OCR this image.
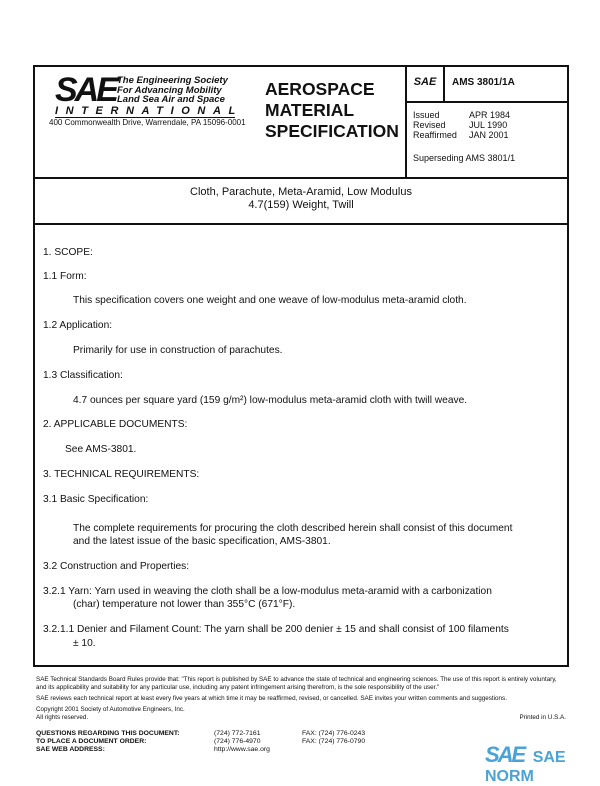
SAE The Engineering Society
For Advancing Mobility
Land Sea Air and Space
INTERNATIONAL
400 Commonwealth Drive, Warrendale, PA 15096-0001
AEROSPACE
MATERIAL
SPECIFICATION
SAE	AMS 3801/1A
Issued	APR 1984
Revised	JUL 1990
Reaffirmed	JAN 2001
Superseding AMS 3801/1
Cloth, Parachute, Meta-Aramid, Low Modulus
4.7(159) Weight, Twill
1. SCOPE:
1.1 Form:
This specification covers one weight and one weave of low-modulus meta-aramid cloth.
1.2 Application:
Primarily for use in construction of parachutes.
1.3 Classification:
4.7 ounces per square yard (159 g/m²) low-modulus meta-aramid cloth with twill weave.
2. APPLICABLE DOCUMENTS:
See AMS-3801.
3. TECHNICAL REQUIREMENTS:
3.1 Basic Specification:
The complete requirements for procuring the cloth described herein shall consist of this document
and the latest issue of the basic specification, AMS-3801.
3.2 Construction and Properties:
3.2.1 Yarn: Yarn used in weaving the cloth shall be a low-modulus meta-aramid with a carbonization
(char) temperature not lower than 355°C (671°F).
3.2.1.1 Denier and Filament Count: The yarn shall be 200 denier ± 15 and shall consist of 100 filaments
± 10.

SAE Technical Standards Board Rules provide that: "This report is published by SAE to advance the state of technical and engineering sciences. The use of this report is entirely voluntary, and its applicability and suitability for any particular use, including any patent infringement arising therefrom, is the sole responsibility of the user."

SAE reviews each technical report at least every five years at which time it may be reaffirmed, revised, or cancelled. SAE invites your written comments and suggestions.

Copyright 2001 Society of Automotive Engineers, Inc.
All rights reserved.	Printed in U.S.A.
QUESTIONS REGARDING THIS DOCUMENT:	(724) 772-7161	FAX: (724) 776-0243
TO PLACE A DOCUMENT ORDER:	(724) 776-4970	FAX: (724) 776-0790
SAE WEB ADDRESS:	http://www.sae.org	SAE SAE NORM
